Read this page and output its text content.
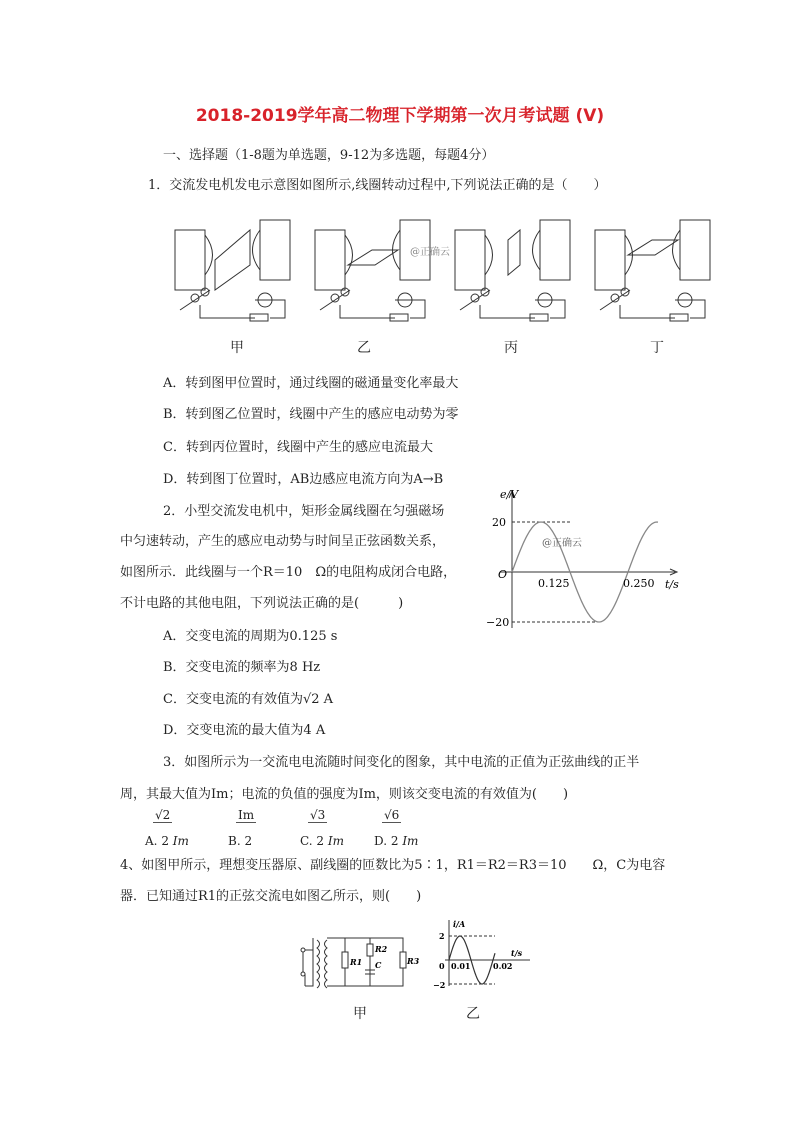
2018-2019学年高二物理下学期第一次月考试题 (V)
一、选择题（1-8题为单选题，9-12为多选题，每题4分）
1．交流发电机发电示意图如图所示,线圈转动过程中,下列说法正确的是（　　）
@正确云
甲	乙	丙	丁
A．转到图甲位置时，通过线圈的磁通量变化率最大
B．转到图乙位置时，线圈中产生的感应电动势为零
C．转到丙位置时，线圈中产生的感应电流最大
D．转到图丁位置时，AB边感应电流方向为A→B
2．小型交流发电机中，矩形金属线圈在匀强磁场
中匀速转动，产生的感应电动势与时间呈正弦函数关系，
如图所示．此线圈与一个R＝10　Ω的电阻构成闭合电路，
不计电路的其他电阻，下列说法正确的是(　　　)
A．交变电流的周期为0.125 s
B．交变电流的频率为8 Hz
C．交变电流的有效值为√2 A
D．交变电流的最大值为4 A
e/V
t/s
O
20
−20
0.125	0.250
@正确云
3．如图所示为一交流电电流随时间变化的图象，其中电流的正值为正弦曲线的正半
周，其最大值为Im；电流的负值的强度为Im，则该交变电流的有效值为(　　)
$\frac{√2}{A. 2 Im} \frac{Im}{B. 2} \frac{√3}{C. 2 Im} \frac{√6}{D. 2 Im}$
4、如图甲所示，理想变压器原、副线圈的匝数比为5∶1，R1＝R2＝R3＝10　　Ω，C为电容
器．已知通过R1的正弦交流电如图乙所示，则(　　)
R1
R2
C	R3
i/A
t/s
0
2
−2
0.01	0.02
甲	乙
